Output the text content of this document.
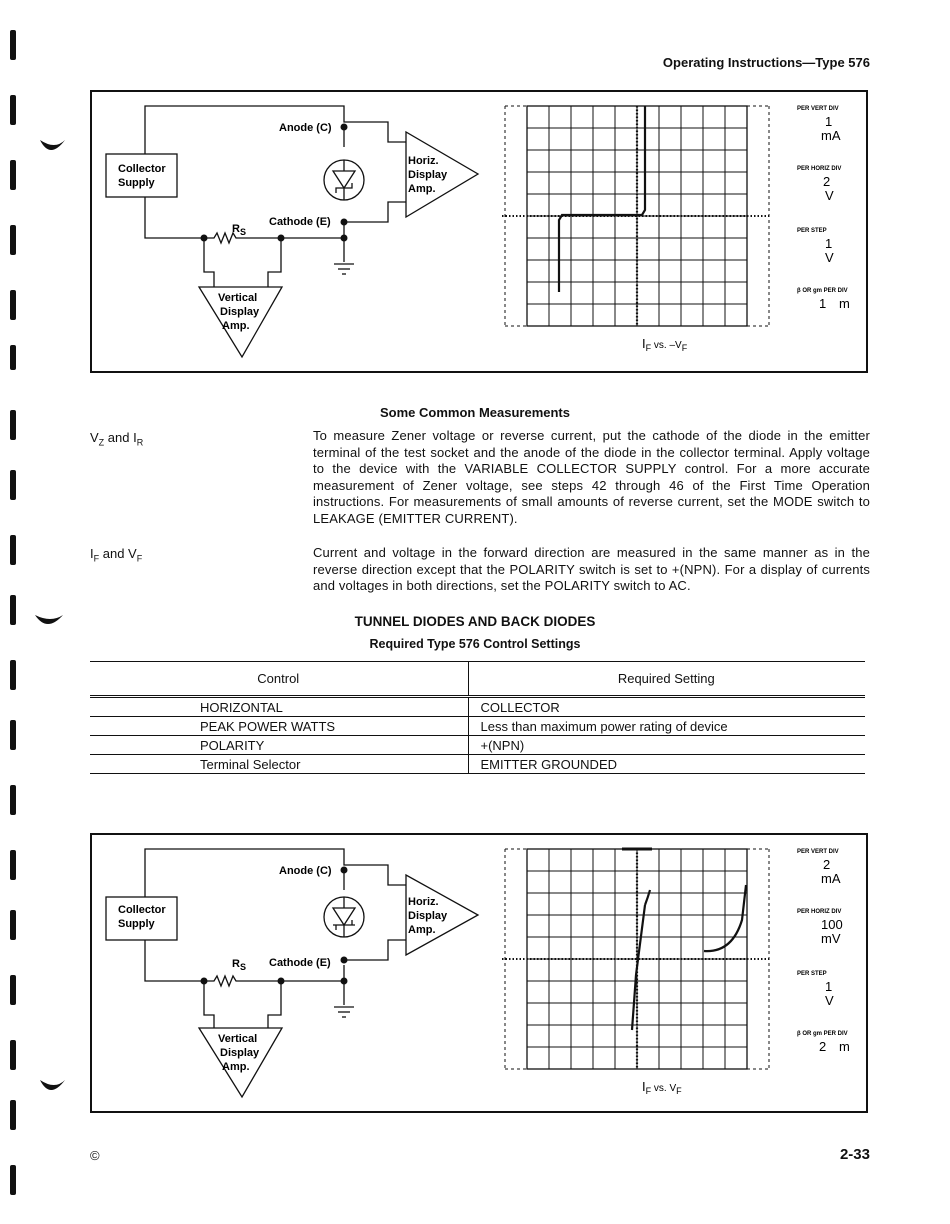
Operating Instructions—Type 576
Anode (C)
Cathode (E)
Collector
Supply
$R_S$
Horiz.
Display
Amp.
Vertical
Display
Amp.
$I_F$ $^{vs. -V}_F$
PER VERT DIV
1
mA
PER HORIZ DIV
2
V
PER STEP
1
V
β OR gm PER DIV
1 m
Some Common Measurements
$V_Z$ and $I_R$	To measure Zener voltage or reverse current, put the cathode of the diode in the emitter terminal of the test socket and the anode of the diode in the collector terminal. Apply voltage to the device with the VARIABLE COLLECTOR SUPPLY control. For a more accurate measurement of Zener voltage, see steps 42 through 46 of the First Time Operation instructions. For measurements of small amounts of reverse current, set the MODE switch to LEAKAGE (EMITTER CURRENT).
$I_F$ and $V_F$	Current and voltage in the forward direction are measured in the same manner as in the reverse direction except that the POLARITY switch is set to +(NPN). For a display of currents and voltages in both directions, set the POLARITY switch to AC.
TUNNEL DIODES AND BACK DIODES
Required Type 576 Control Settings
Control	Required Setting
HORIZONTAL	COLLECTOR
PEAK POWER WATTS	Less than maximum power rating of device
POLARITY	+(NPN)
Terminal Selector	EMITTER GROUNDED
Anode (C)
Cathode (E)
Collector
Supply
$R_S$
Horiz.
Display
Amp.
Vertical
Display
Amp.
$I_F$ $^{vs. V}_F$
PER VERT DIV
2
mA
PER HORIZ DIV
100
mV
PER STEP
1
V
β OR gm PER DIV
2 m
©	2-33
